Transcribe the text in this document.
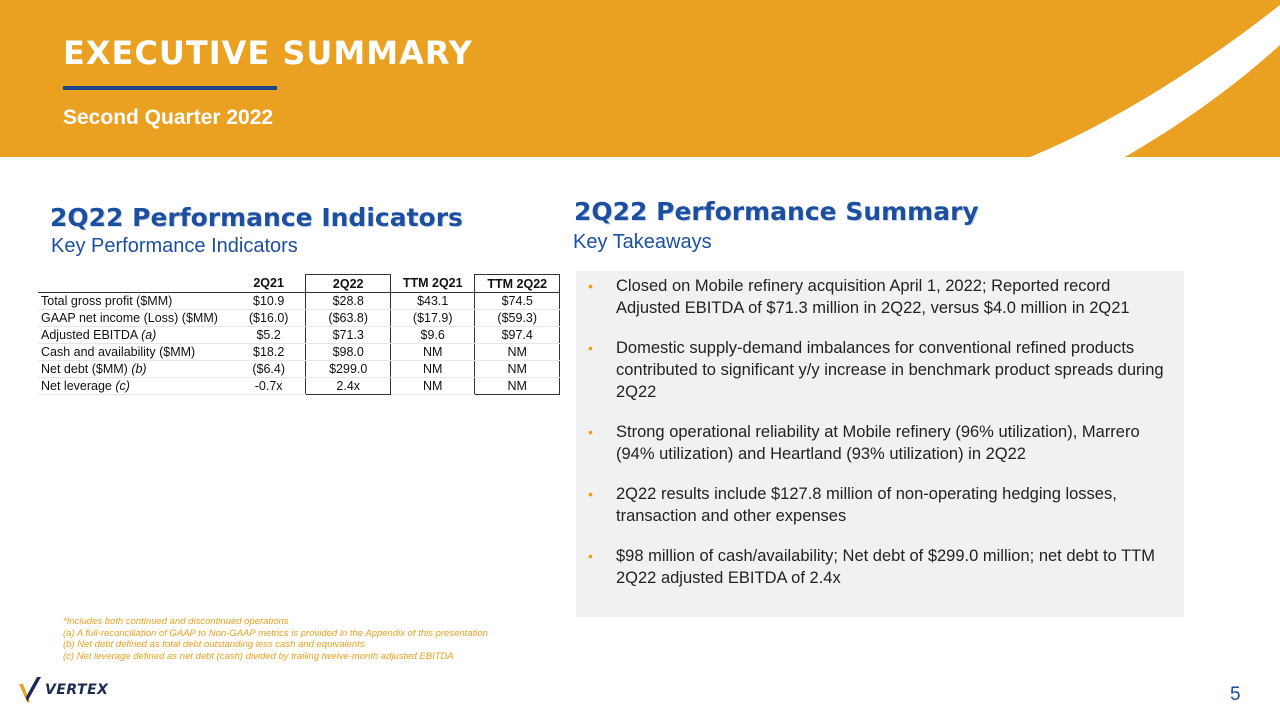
EXECUTIVE SUMMARY
Second Quarter 2022
2Q22 Performance Indicators
Key Performance Indicators
	2Q21	2Q22	TTM 2Q21	TTM 2Q22
Total gross profit ($MM)	$10.9	$28.8	$43.1	$74.5
GAAP net income (Loss) ($MM)	($16.0)	($63.8)	($17.9)	($59.3)
Adjusted EBITDA (a)	$5.2	$71.3	$9.6	$97.4
Cash and availability ($MM)	$18.2	$98.0	NM	NM
Net debt ($MM) (b)	($6.4)	$299.0	NM	NM
Net leverage (c)	-0.7x	2.4x	NM	NM
2Q22 Performance Summary
Key Takeaways
• Closed on Mobile refinery acquisition April 1, 2022; Reported record Adjusted EBITDA of $71.3 million in 2Q22, versus $4.0 million in 2Q21
• Domestic supply-demand imbalances for conventional refined products contributed to significant y/y increase in benchmark product spreads during 2Q22
• Strong operational reliability at Mobile refinery (96% utilization), Marrero (94% utilization) and Heartland (93% utilization) in 2Q22
• 2Q22 results include $127.8 million of non-operating hedging losses, transaction and other expenses
• $98 million of cash/availability; Net debt of $299.0 million; net debt to TTM 2Q22 adjusted EBITDA of 2.4x
*Includes both continued and discontinued operations
(a) A full-reconciliation of GAAP to Non-GAAP metrics is provided in the Appendix of this presentation
(b) Net debt defined as total debt outstanding less cash and equivalents
(c) Net leverage defined as net debt (cash) divided by trailing twelve-month adjusted EBITDA
VERTEX	5
